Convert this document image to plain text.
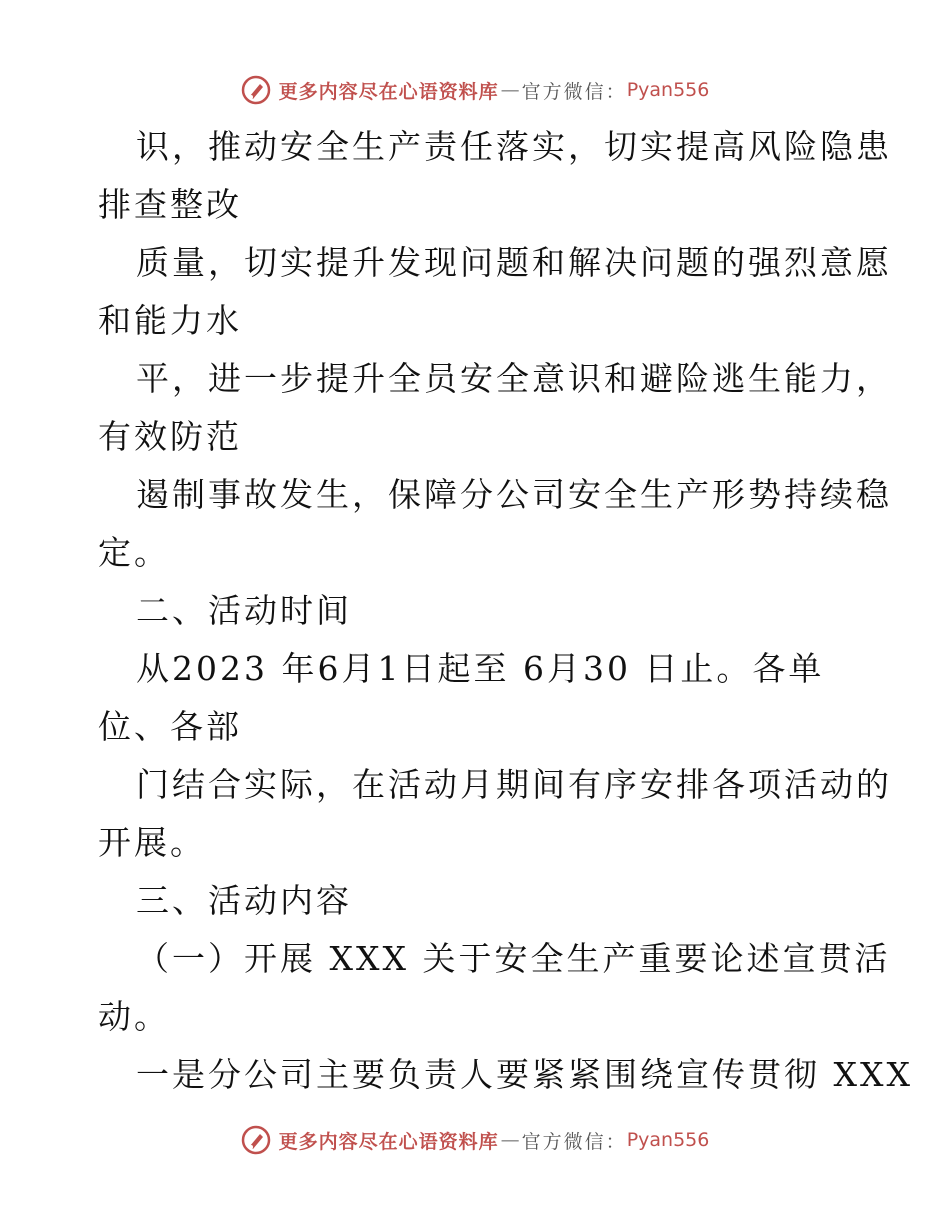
更多内容尽在心语资料库 — 官方微信： Pyan556
识，推动安全生产责任落实，切实提高风险隐患
排查整改
质量，切实提升发现问题和解决问题的强烈意愿
和能力水
平，进一步提升全员安全意识和避险逃生能力，
有效防范
遏制事故发生，保障分公司安全生产形势持续稳
定。
二、活动时间
从2023 年6月1日起至 6月30 日止。各单
位、各部
门结合实际，在活动月期间有序安排各项活动的
开展。
三、活动内容
（一）开展 XXX 关于安全生产重要论述宣贯活
动。
一是分公司主要负责人要紧紧围绕宣传贯彻 XXX
更多内容尽在心语资料库 — 官方微信： Pyan556
